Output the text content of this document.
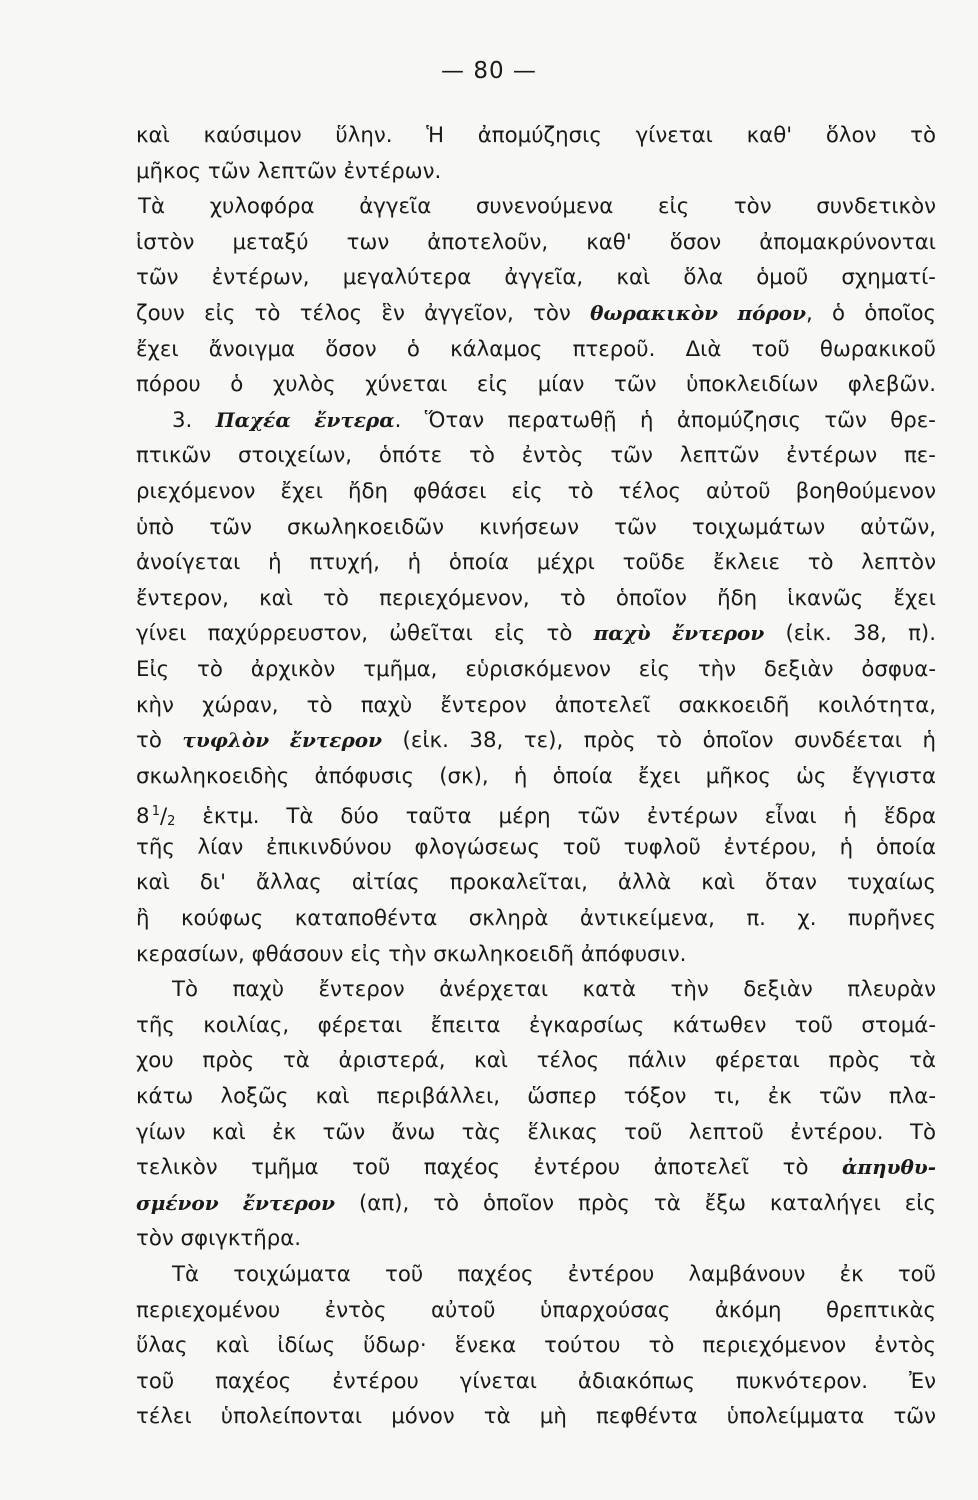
— 80 —
καὶ καύσιμον ὕλην. Ἡ ἀπομύζησις γίνεται καθ' ὅλον τὸ
μῆκος τῶν λεπτῶν ἐντέρων.
Τὰ χυλοφόρα ἀγγεῖα συνενούμενα εἰς τὸν συνδετικὸν
ἱστὸν μεταξύ των ἀποτελοῦν, καθ' ὅσον ἀπομακρύνονται
τῶν ἐντέρων, μεγαλύτερα ἀγγεῖα, καὶ ὅλα ὁμοῦ σχηματί-
ζουν εἰς τὸ τέλος ἓν ἀγγεῖον, τὸν θωρακικὸν πόρον, ὁ ὁποῖος
ἔχει ἄνοιγμα ὅσον ὁ κάλαμος πτεροῦ. Διὰ τοῦ θωρακικοῦ
πόρου ὁ χυλὸς χύνεται εἰς μίαν τῶν ὑποκλειδίων φλεβῶν.
3. Παχέα ἔντερα. Ὅταν περατωθῇ ἡ ἀπομύζησις τῶν θρε-
πτικῶν στοιχείων, ὁπότε τὸ ἐντὸς τῶν λεπτῶν ἐντέρων πε-
ριεχόμενον ἔχει ἤδη φθάσει εἰς τὸ τέλος αὐτοῦ βοηθούμενον
ὑπὸ τῶν σκωληκοειδῶν κινήσεων τῶν τοιχωμάτων αὐτῶν,
ἀνοίγεται ἡ πτυχή, ἡ ὁποία μέχρι τοῦδε ἔκλειε τὸ λεπτὸν
ἔντερον, καὶ τὸ περιεχόμενον, τὸ ὁποῖον ἤδη ἱκανῶς ἔχει
γίνει παχύρρευστον, ὠθεῖται εἰς τὸ παχὺ ἔντερον (εἰκ. 38, π).
Εἰς τὸ ἀρχικὸν τμῆμα, εὑρισκόμενον εἰς τὴν δεξιὰν ὀσφυα-
κὴν χώραν, τὸ παχὺ ἔντερον ἀποτελεῖ σακκοειδῆ κοιλότητα,
τὸ τυφλὸν ἔντερον (εἰκ. 38, τε), πρὸς τὸ ὁποῖον συνδέεται ἡ
σκωληκοειδὴς ἀπόφυσις (σκ), ἡ ὁποία ἔχει μῆκος ὡς ἔγγιστα
8  $^1$/2 ἑκτμ. Τὰ δύο ταῦτα μέρη τῶν ἐντέρων εἶναι ἡ ἕδρα
τῆς λίαν ἐπικινδύνου φλογώσεως τοῦ τυφλοῦ ἐντέρου, ἡ ὁποία
καὶ δι' ἄλλας αἰτίας προκαλεῖται, ἀλλὰ καὶ ὅταν τυχαίως
ἢ κούφως καταποθέντα σκληρὰ ἀντικείμενα, π. χ. πυρῆνες
κερασίων, φθάσουν εἰς τὴν σκωληκοειδῆ ἀπόφυσιν.
Τὸ παχὺ ἔντερον ἀνέρχεται κατὰ τὴν δεξιὰν πλευρὰν
τῆς κοιλίας, φέρεται ἔπειτα ἐγκαρσίως κάτωθεν τοῦ στομά-
χου πρὸς τὰ ἀριστερά, καὶ τέλος πάλιν φέρεται πρὸς τὰ
κάτω λοξῶς καὶ περιβάλλει, ὥσπερ τόξον τι, ἐκ τῶν πλα-
γίων καὶ ἐκ τῶν ἄνω τὰς ἕλικας τοῦ λεπτοῦ ἐντέρου. Τὸ
τελικὸν τμῆμα τοῦ παχέος ἐντέρου ἀποτελεῖ τὸ ἀπηυθυ-
σμένον ἔντερον (απ), τὸ ὁποῖον πρὸς τὰ ἔξω καταλήγει εἰς
τὸν σφιγκτῆρα.
Τὰ τοιχώματα τοῦ παχέος ἐντέρου λαμβάνουν ἐκ τοῦ
περιεχομένου ἐντὸς αὐτοῦ ὑπαρχούσας ἀκόμη θρεπτικὰς
ὕλας καὶ ἰδίως ὕδωρ· ἕνεκα τούτου τὸ περιεχόμενον ἐντὸς
τοῦ παχέος ἐντέρου γίνεται ἀδιακόπως πυκνότερον. Ἐν
τέλει ὑπολείπονται μόνον τὰ μὴ πεφθέντα ὑπολείμματα τῶν
